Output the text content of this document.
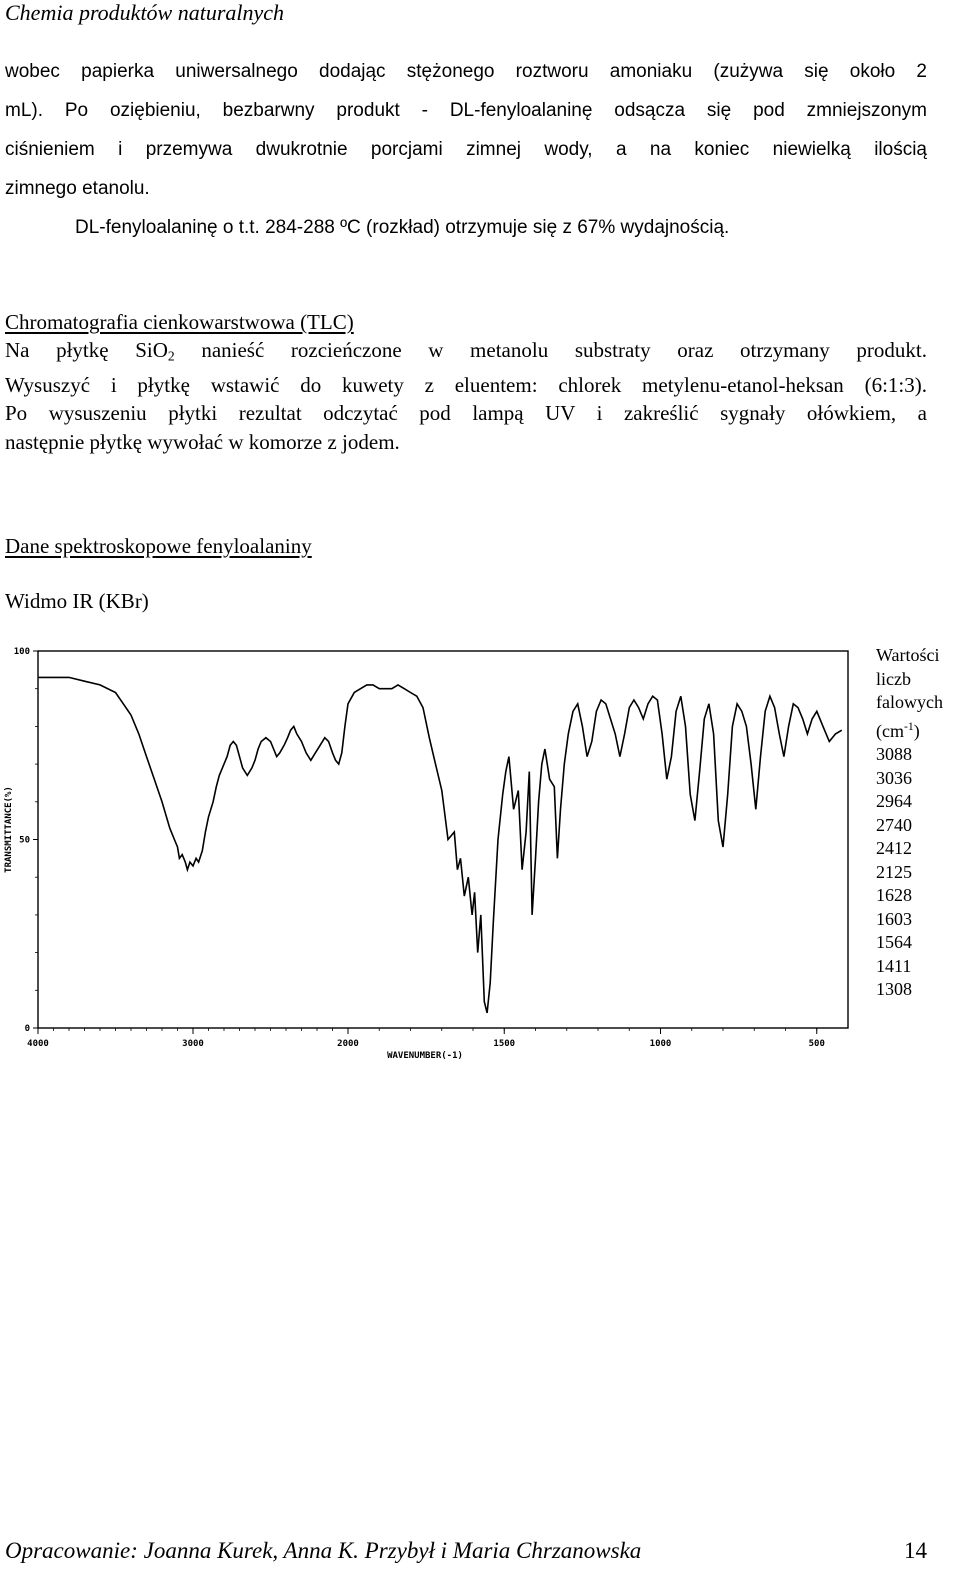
Chemia produktów naturalnych
wobec papierka uniwersalnego dodając stężonego roztworu amoniaku (zużywa się około 2
mL). Po oziębieniu, bezbarwny produkt - DL-fenyloalaninę odsącza się pod zmniejszonym
ciśnieniem i przemywa dwukrotnie porcjami zimnej wody, a na koniec niewielką ilością
zimnego etanolu.
DL-fenyloalaninę o t.t. 284-288 ºC (rozkład) otrzymuje się z 67% wydajnością.
Chromatografia cienkowarstwowa (TLC)
Na płytkę SiO$_2$ nanieść rozcieńczone w metanolu substraty oraz otrzymany produkt.
Wysuszyć i płytkę wstawić do kuwety z eluentem: chlorek metylenu-etanol-heksan (6:1:3).
Po wysuszeniu płytki rezultat odczytać pod lampą UV i zakreślić sygnały ołówkiem, a
następnie płytkę wywołać w komorze z jodem.
Dane spektroskopowe fenyloalaniny
Widmo IR (KBr)
4000	3000	2000	1500	1000	500
100
50
0
WAVENUMBER(-1)
TRANSMITTANCE(%)
Wartości
liczb
falowych
$(cm^{-1})$
3088
3036
2964
2740
2412
2125
1628
1603
1564
1411
1308
Opracowanie: Joanna Kurek, Anna K. Przybył i Maria Chrzanowska	14
